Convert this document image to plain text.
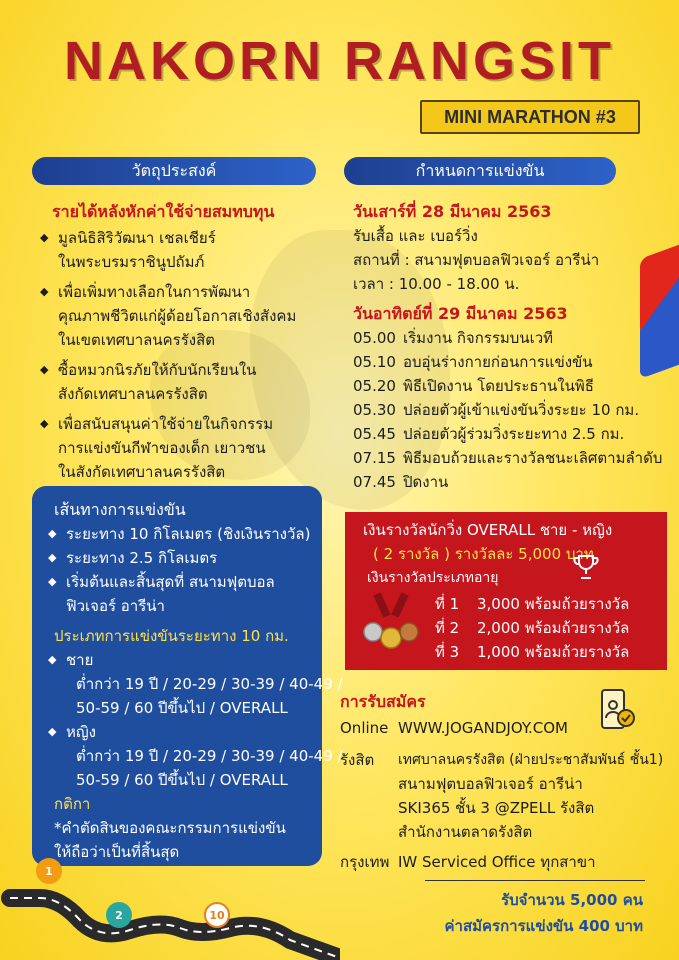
NAKORN RANGSIT
MINI MARATHON #3
วัตถุประสงค์
รายได้หลังหักค่าใช้จ่ายสมทบทุน
◆ มูลนิธิสิริวัฒนา เชลเชียร์
ในพระบรมราชินูปถัมภ์
◆ เพื่อเพิ่มทางเลือกในการพัฒนา
คุณภาพชีวิตแก่ผู้ด้อยโอกาสเชิงสังคม
ในเขตเทศบาลนครรังสิต
◆ ซื้อหมวกนิรภัยให้กับนักเรียนใน
สังกัดเทศบาลนครรังสิต
◆ เพื่อสนับสนุนค่าใช้จ่ายในกิจกรรม
การแข่งขันกีฬาของเด็ก เยาวชน
ในสังกัดเทศบาลนครรังสิต
กำหนดการแข่งขัน
วันเสาร์ที่ 28 มีนาคม 2563
รับเสื้อ และ เบอร์วิ่ง
สถานที่ : สนามฟุตบอลฟิวเจอร์ อารีน่า
เวลา : 10.00 - 18.00 น.
วันอาทิตย์ที่ 29 มีนาคม 2563
05.00 เริ่มงาน กิจกรรมบนเวที
05.10 อบอุ่นร่างกายก่อนการแข่งขัน
05.20 พิธีเปิดงาน โดยประธานในพิธี
05.30 ปล่อยตัวผู้เข้าแข่งขันวิ่งระยะ 10 กม.
05.45 ปล่อยตัวผู้ร่วมวิ่งระยะทาง 2.5 กม.
07.15 พิธีมอบถ้วยและรางวัลชนะเลิศตามลำดับ
07.45 ปิดงาน
เส้นทางการแข่งขัน
◆ ระยะทาง 10 กิโลเมตร (ชิงเงินรางวัล)
◆ ระยะทาง 2.5 กิโลเมตร
◆ เริ่มต้นและสิ้นสุดที่ สนามฟุตบอล
ฟิวเจอร์ อารีน่า
ประเภทการแข่งขันระยะทาง 10 กม.
◆ ชาย
ต่ำกว่า 19 ปี / 20-29 / 30-39 / 40-49 /
50-59 / 60 ปีขึ้นไป / OVERALL
◆ หญิง
ต่ำกว่า 19 ปี / 20-29 / 30-39 / 40-49 /
50-59 / 60 ปีขึ้นไป / OVERALL
กติกา
*คำตัดสินของคณะกรรมการแข่งขัน
ให้ถือว่าเป็นที่สิ้นสุด
เงินรางวัลนักวิ่ง OVERALL ชาย - หญิง
( 2 รางวัล ) รางวัลละ 5,000 บาท
เงินรางวัลประเภทอายุ
ที่ 1	3,000 พร้อมถ้วยรางวัล
ที่ 2	2,000 พร้อมถ้วยรางวัล
ที่ 3	1,000 พร้อมถ้วยรางวัล
การรับสมัคร
Online WWW.JOGANDJOY.COM
รังสิต	เทศบาลนครรังสิต (ฝ่ายประชาสัมพันธ์ ชั้น1)
สนามฟุตบอลฟิวเจอร์ อารีน่า
SKI365 ชั้น 3 @ZPELL รังสิต
สำนักงานตลาดรังสิต
กรุงเทพ IW Serviced Office ทุกสาขา
รับจำนวน 5,000 คน
ค่าสมัครการแข่งขัน 400 บาท
1
2	10
